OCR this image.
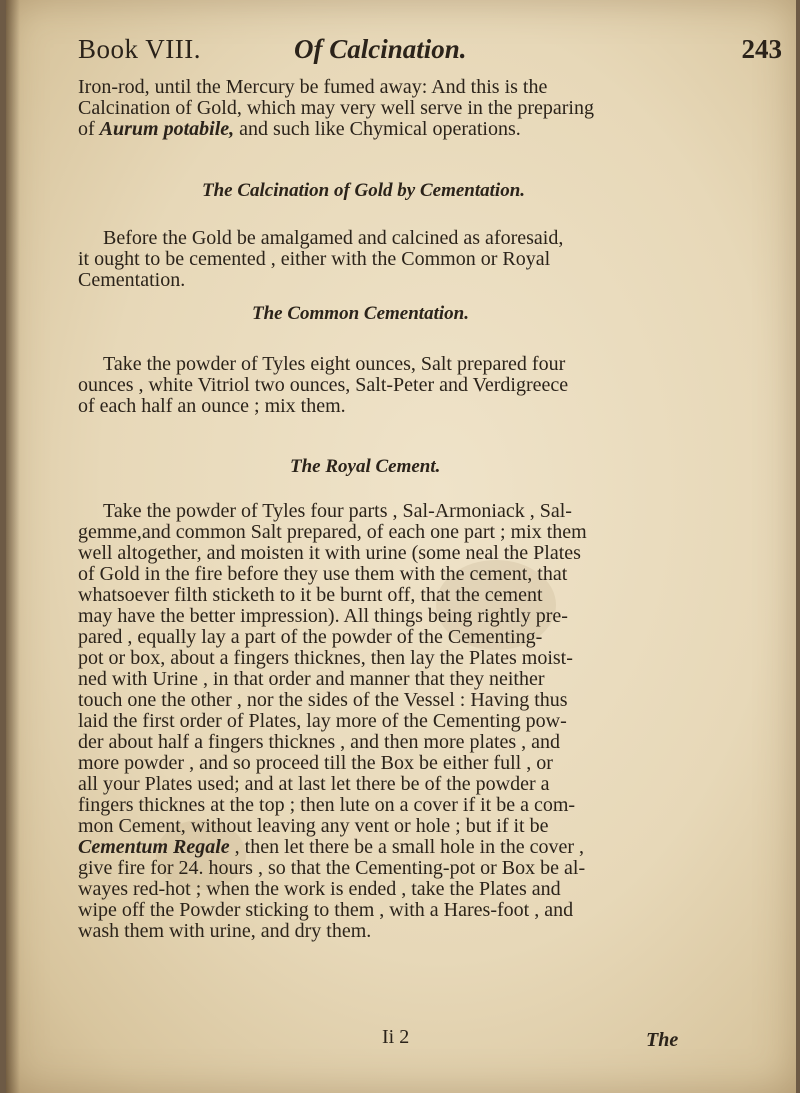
Book VIII.	Of Calcination.	243
Iron-rod, until the Mercury be fumed away: And this is the
Calcination of Gold, which may very well serve in the preparing
of Aurum potabile, and such like Chymical operations.
The Calcination of Gold by Cementation.
Before the Gold be amalgamed and calcined as aforesaid,
it ought to be cemented , either with the Common or Royal
Cementation.
The Common Cementation.
Take the powder of Tyles eight ounces, Salt prepared four
ounces , white Vitriol two ounces, Salt-Peter and Verdigreece
of each half an ounce ; mix them.
The Royal Cement.
Take the powder of Tyles four parts , Sal-Armoniack , Sal-
gemme,and common Salt prepared, of each one part ; mix them
well altogether, and moisten it with urine (some neal the Plates
of Gold in the fire before they use them with the cement, that
whatsoever filth sticketh to it be burnt off, that the cement
may have the better impression). All things being rightly pre-
pared , equally lay a part of the powder of the Cementing-
pot or box, about a fingers thicknes, then lay the Plates moist-
ned with Urine , in that order and manner that they neither
touch one the other , nor the sides of the Vessel : Having thus
laid the first order of Plates, lay more of the Cementing pow-
der about half a fingers thicknes , and then more plates , and
more powder , and so proceed till the Box be either full , or
all your Plates used; and at last let there be of the powder a
fingers thicknes at the top ; then lute on a cover if it be a com-
mon Cement, without leaving any vent or hole ; but if it be
Cementum Regale , then let there be a small hole in the cover ,
give fire for 24. hours , so that the Cementing-pot or Box be al-
wayes red-hot ; when the work is ended , take the Plates and
wipe off the Powder sticking to them , with a Hares-foot , and
wash them with urine, and dry them.
Ii 2	The
